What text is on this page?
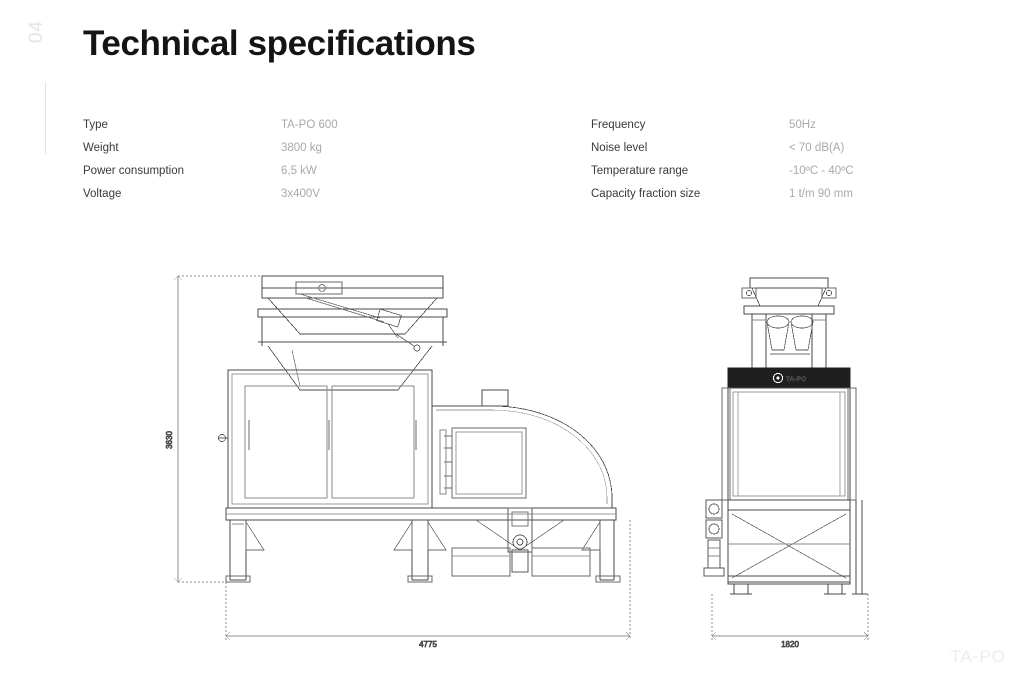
04 Technical specifications
Type	TA-PO 600
Weight	3800 kg
Power consumption	6,5 kW
Voltage	3x400V
Frequency	50Hz
Noise level	< 70 dB(A)
Temperature range	-10ºC - 40ºC
Capacity fraction size	1 t/m 90 mm
3630
4775
TA-PO
1820
TA-PO
